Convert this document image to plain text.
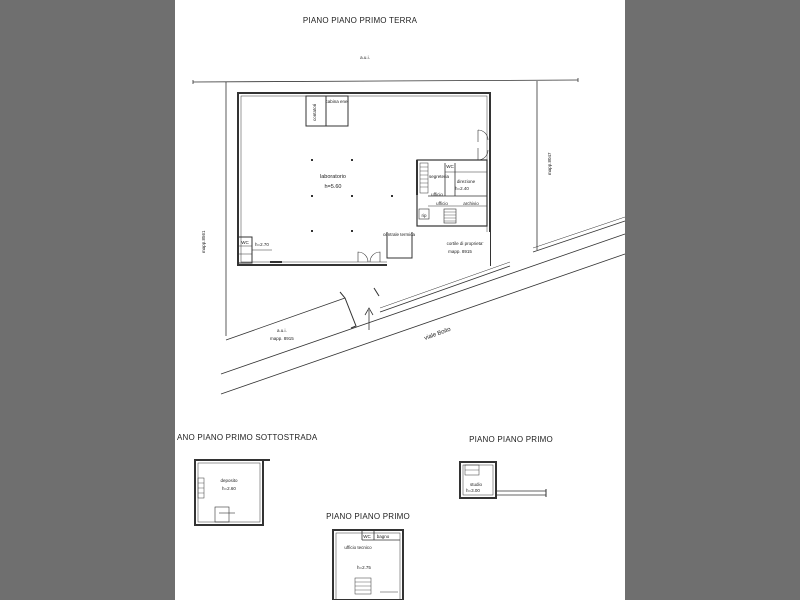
PIANO PIANO PRIMO TERRA
ANO PIANO PRIMO SOTTOSTRADA	PIANO PIANO PRIMO
PIANO PIANO PRIMO
a.u.i.
centrale termica
contatori
cabina enel
laboratorio
h=5.60
WC h=2.70
segreteria
direzione
h=2.40
WC
ufficio
ufficio	archivio
rip
cortile di proprieta'
mapp. 8915
mapp.8561
mapp.8047
a.u.i.
mapp. 8915	viale Boito
deposito
h=2.60
studio
h=3.00
WC bagno
ufficio tecnico
h=2.75
